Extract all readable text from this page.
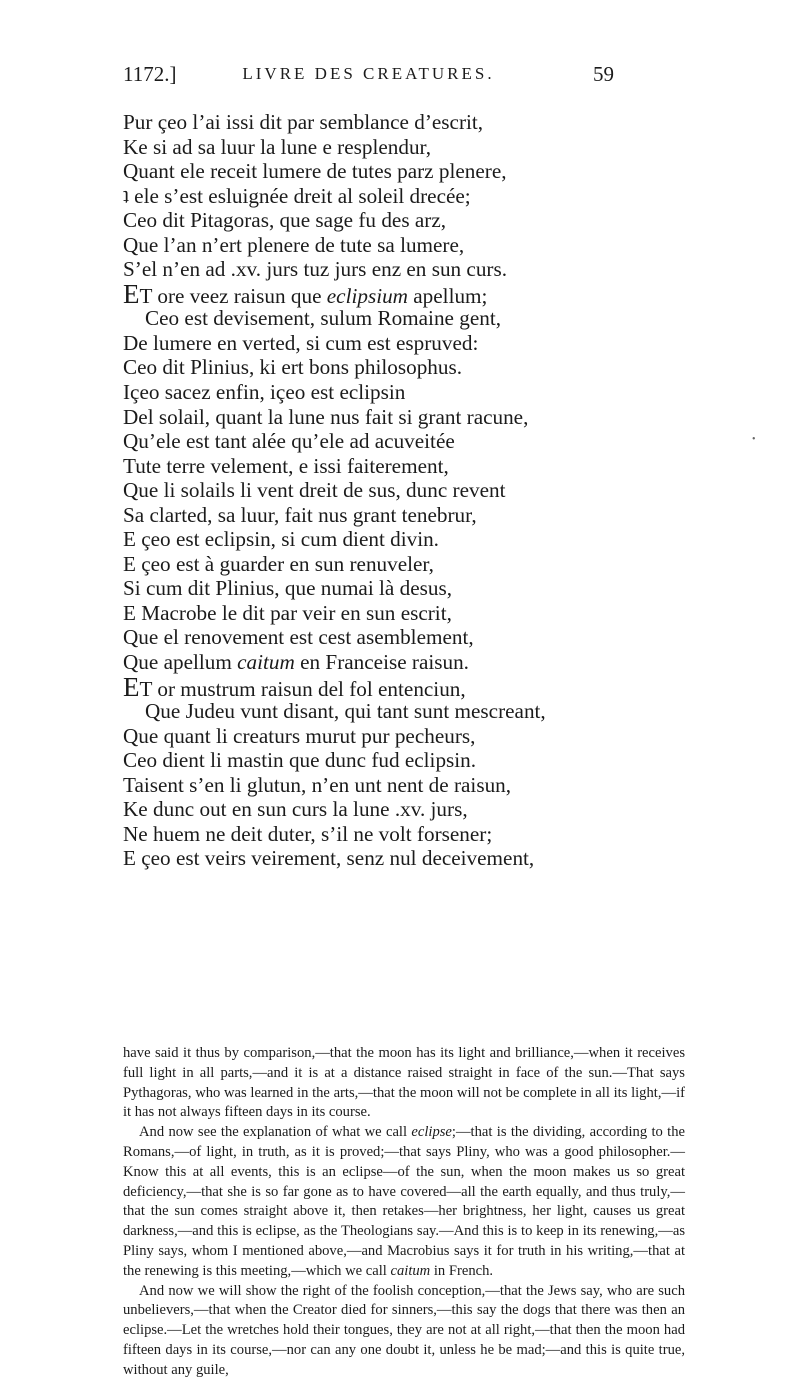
1172.]	LIVRE DES CREATURES.	59
•
Pur çeo l’ai issi dit par semblance d’escrit,
Ke si ad sa luur la lune e resplendur,
Quant ele receit lumere de tutes parz plenere,
ʇ ele s’est esluignée dreit al soleil drecée;
Ceo dit Pitagoras, que sage fu des arz,
Que l’an n’ert plenere de tute sa lumere,
S’el n’en ad .xv. jurs tuz jurs enz en sun curs.
ET ore veez raisun que eclipsium apellum;
Ceo est devisement, sulum Romaine gent,
De lumere en verted, si cum est espruved:
Ceo dit Plinius, ki ert bons philosophus.
Içeo sacez enfin, içeo est eclipsin
Del solail, quant la lune nus fait si grant racune,
Qu’ele est tant alée qu’ele ad acuveitée
Tute terre velement, e issi faiterement,
Que li solails li vent dreit de sus, dunc revent
Sa clarted, sa luur, fait nus grant tenebrur,
E çeo est eclipsin, si cum dient divin.
E çeo est à guarder en sun renuveler,
Si cum dit Plinius, que numai là desus,
E Macrobe le dit par veir en sun escrit,
Que el renovement est cest asemblement,
Que apellum caitum en Franceise raisun.
ET or mustrum raisun del fol entenciun,
Que Judeu vunt disant, qui tant sunt mescreant,
Que quant li creaturs murut pur pecheurs,
Ceo dient li mastin que dunc fud eclipsin.
Taisent s’en li glutun, n’en unt nent de raisun,
Ke dunc out en sun curs la lune .xv. jurs,
Ne huem ne deit duter, s’il ne volt forsener;
E çeo est veirs veirement, senz nul deceivement,

have said it thus by comparison,—that the moon has its light and brilliance,—when it receives full light in all parts,—and it is at a distance raised straight in face of the sun.—That says Pythagoras, who was learned in the arts,—that the moon will not be complete in all its light,—if it has not always fifteen days in its course.

And now see the explanation of what we call eclipse;—that is the dividing, according to the Romans,—of light, in truth, as it is proved;—that says Pliny, who was a good philosopher.—Know this at all events, this is an eclipse—of the sun, when the moon makes us so great deficiency,—that she is so far gone as to have covered—all the earth equally, and thus truly,—that the sun comes straight above it, then retakes—her brightness, her light, causes us great darkness,—and this is eclipse, as the Theologians say.—And this is to keep in its renewing,—as Pliny says, whom I mentioned above,—and Macrobius says it for truth in his writing,—that at the renewing is this meeting,—which we call caitum in French.

And now we will show the right of the foolish conception,—that the Jews say, who are such unbelievers,—that when the Creator died for sinners,—this say the dogs that there was then an eclipse.—Let the wretches hold their tongues, they are not at all right,—that then the moon had fifteen days in its course,—nor can any one doubt it, unless he be mad;—and this is quite true, without any guile,
